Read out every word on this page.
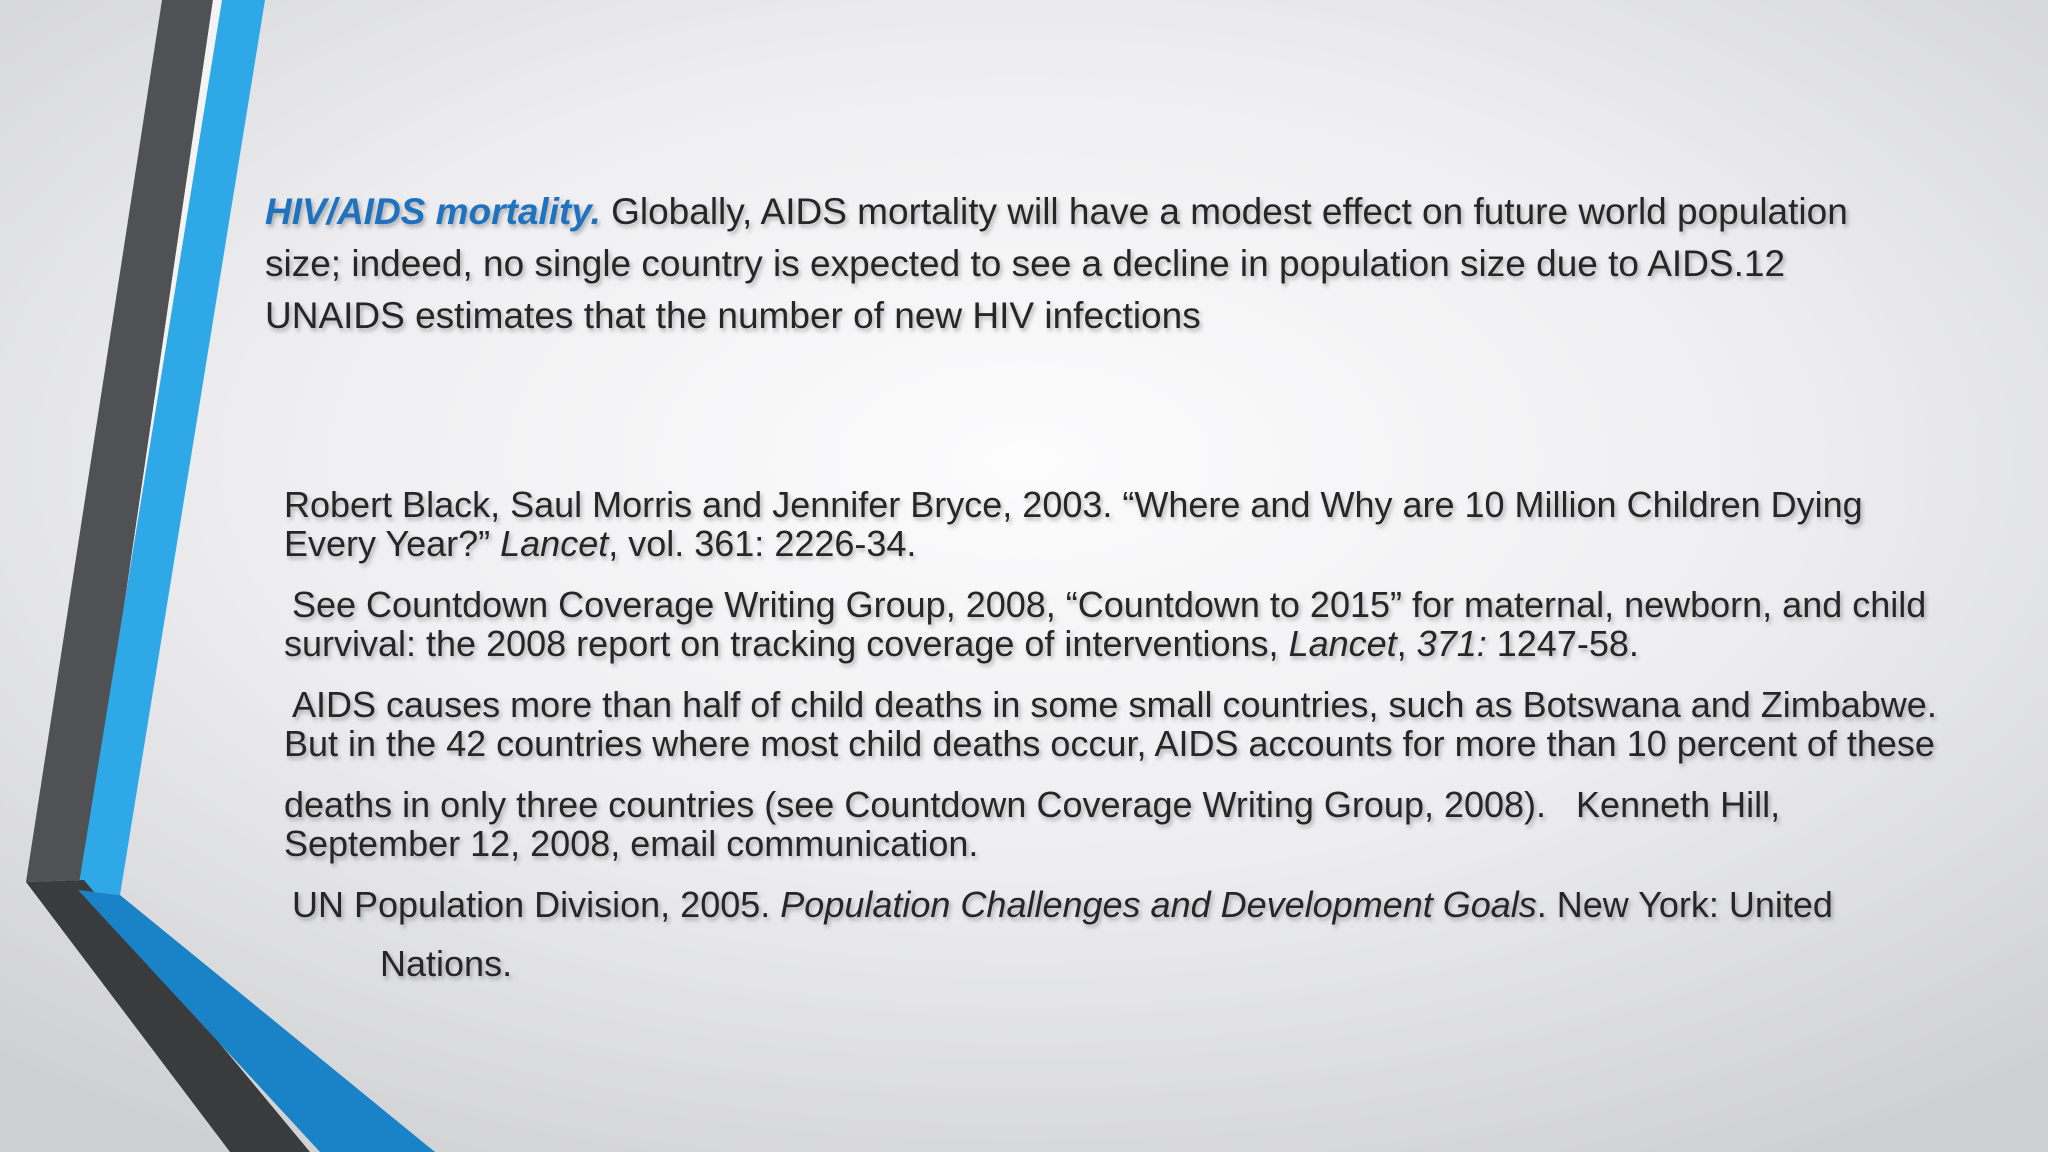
HIV/AIDS mortality. Globally, AIDS mortality will have a modest effect on future world population size; indeed, no single country is expected to see a decline in population size due to AIDS.12 UNAIDS estimates that the number of new HIV infections

Robert Black, Saul Morris and Jennifer Bryce, 2003. “Where and Why are 10 Million Children Dying Every Year?” Lancet, vol. 361: 2226-34.

See Countdown Coverage Writing Group, 2008, “Countdown to 2015” for maternal, newborn, and child   survival: the 2008 report on tracking coverage of interventions, Lancet, 371: 1247-58.

AIDS causes more than half of child deaths in some small countries, such as Botswana and Zimbabwe. But in the 42 countries where most child deaths occur, AIDS accounts for more than 10 percent of these

deaths in only three countries (see Countdown Coverage Writing Group, 2008).   Kenneth Hill, September 12, 2008, email communication.

UN Population Division, 2005. Population Challenges and Development Goals. New York: United
Nations.
